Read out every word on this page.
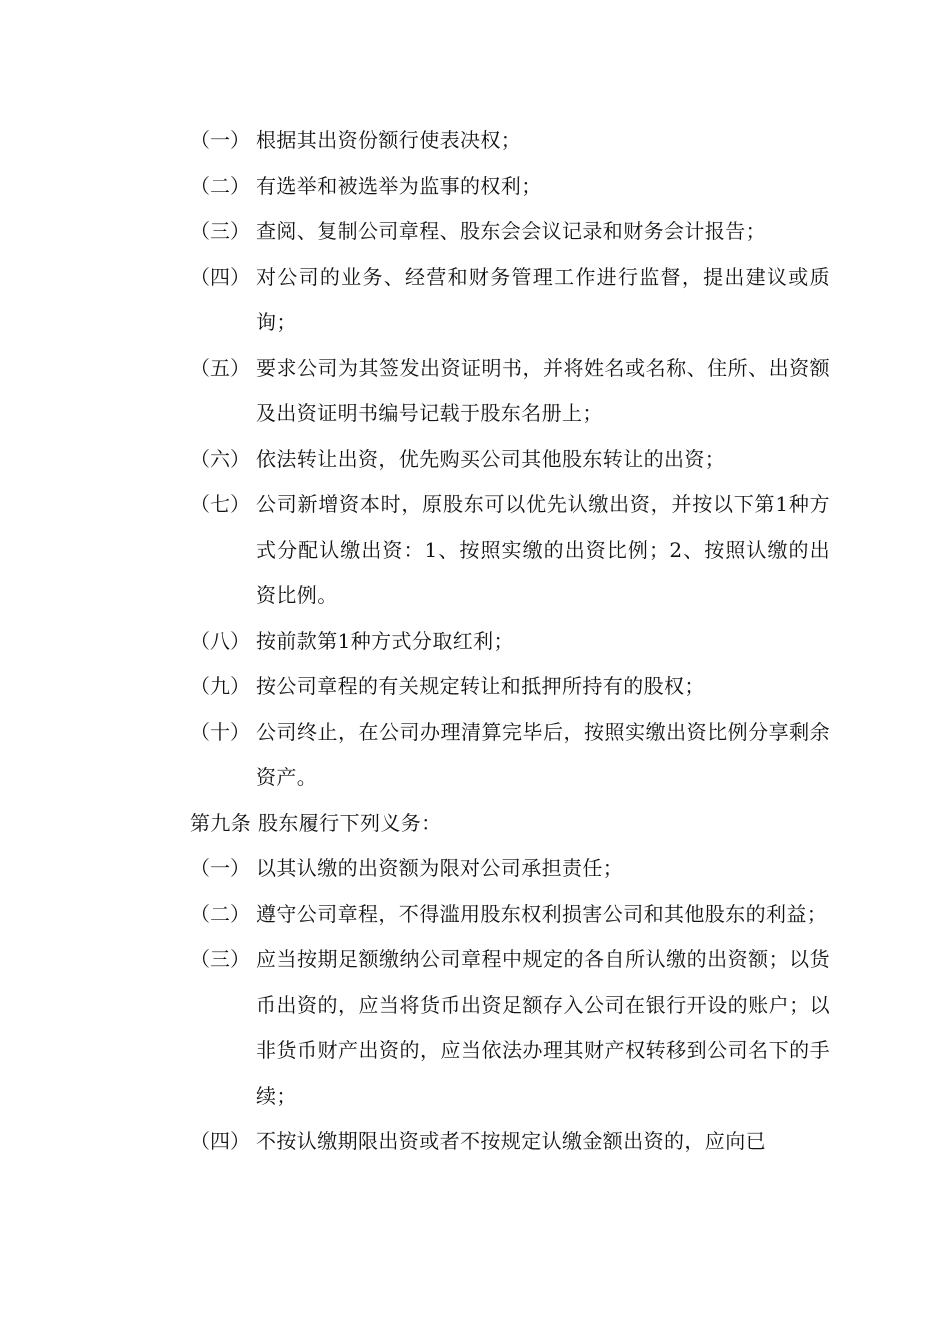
（一） 根据其出资份额行使表决权；
（二） 有选举和被选举为监事的权利；
（三） 查阅、复制公司章程、股东会会议记录和财务会计报告；
（四） 对公司的业务、经营和财务管理工作进行监督，提出建议或质询；
（五） 要求公司为其签发出资证明书，并将姓名或名称、住所、出资额及出资证明书编号记载于股东名册上；
（六） 依法转让出资，优先购买公司其他股东转让的出资；
（七） 公司新增资本时，原股东可以优先认缴出资，并按以下第1种方式分配认缴出资：1、按照实缴的出资比例；2、按照认缴的出资比例。
（八） 按前款第1种方式分取红利；
（九） 按公司章程的有关规定转让和抵押所持有的股权；
（十） 公司终止，在公司办理清算完毕后，按照实缴出资比例分享剩余资产。
第九条 股东履行下列义务：
（一） 以其认缴的出资额为限对公司承担责任；
（二） 遵守公司章程，不得滥用股东权利损害公司和其他股东的利益；
（三） 应当按期足额缴纳公司章程中规定的各自所认缴的出资额；以货币出资的，应当将货币出资足额存入公司在银行开设的账户；以非货币财产出资的，应当依法办理其财产权转移到公司名下的手续；
（四） 不按认缴期限出资或者不按规定认缴金额出资的，应向已
